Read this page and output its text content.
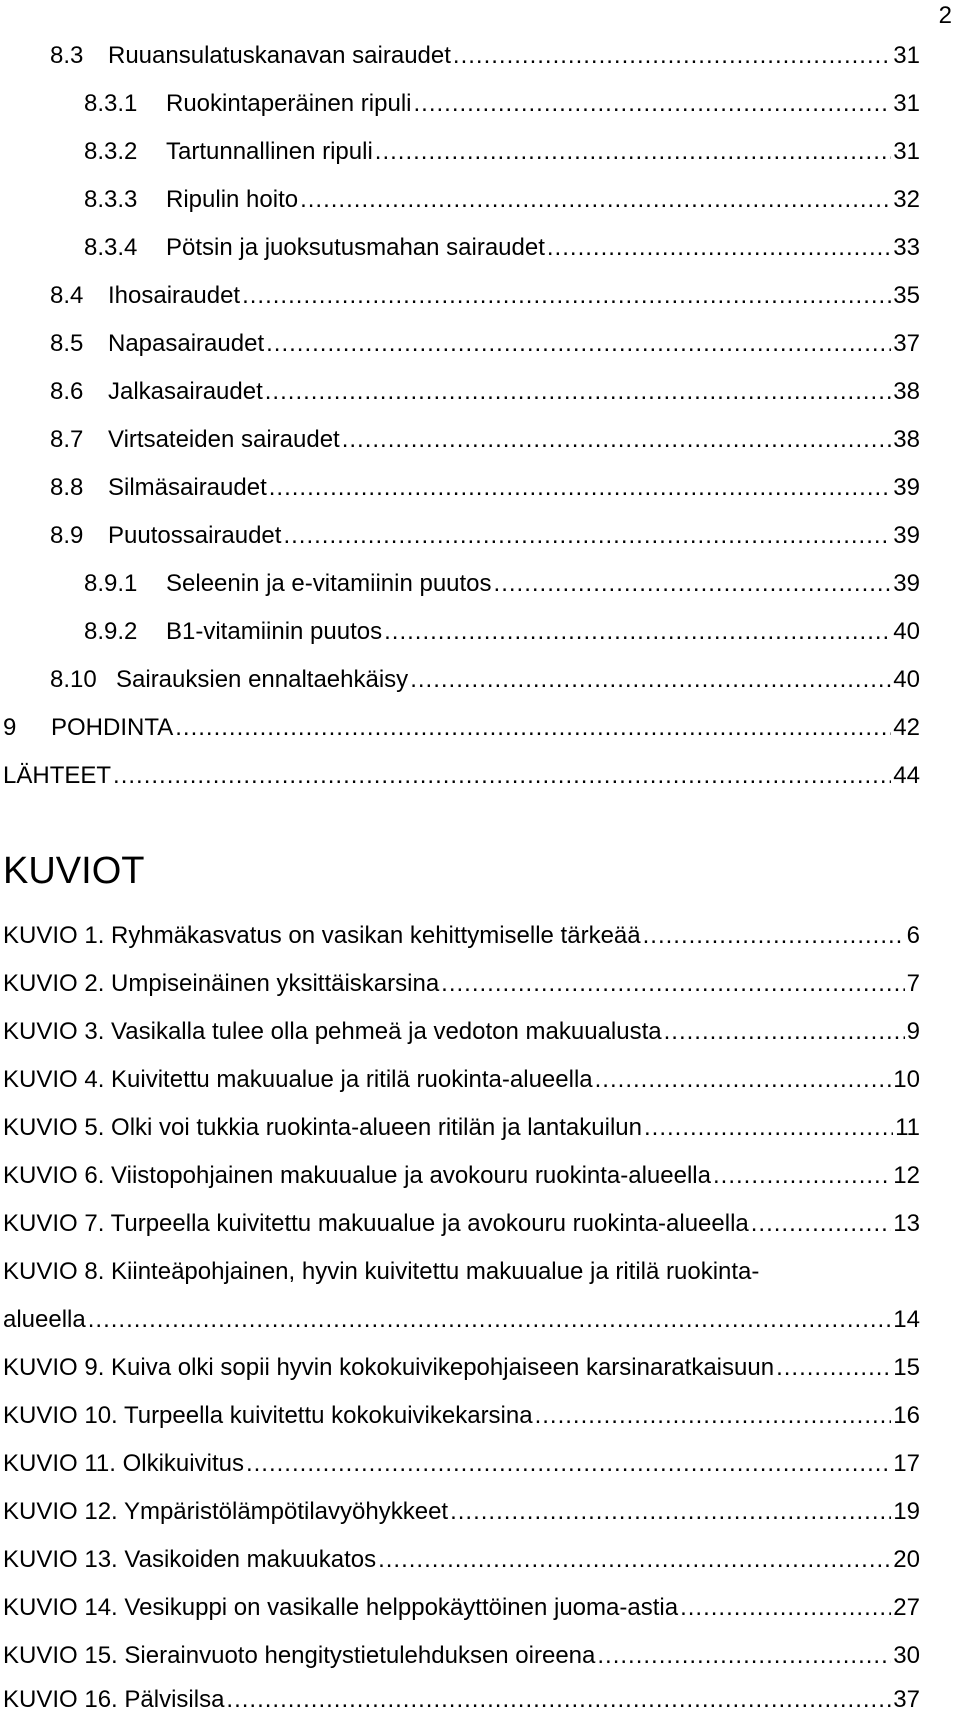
2
8.3	Ruuansulatuskanavan sairaudet .....	31
8.3.1	Ruokintaperäinen ripuli .....	31
8.3.2	Tartunnallinen ripuli .....	31
8.3.3	Ripulin hoito .....	32
8.3.4	Pötsin ja juoksutusmahan sairaudet .....	33
8.4	Ihosairaudet .....	35
8.5	Napasairaudet .....	37
8.6	Jalkasairaudet .....	38
8.7	Virtsateiden sairaudet .....	38
8.8	Silmäsairaudet .....	39
8.9	Puutossairaudet .....	39
8.9.1	Seleenin ja e-vitamiinin puutos .....	39
8.9.2	B1-vitamiinin puutos .....	40
8.10 Sairauksien ennaltaehkäisy .....	40
9	POHDINTA .....	42
LÄHTEET .....	44
KUVIOT
KUVIO 1. Ryhmäkasvatus on vasikan kehittymiselle tärkeää .....	6
KUVIO 2. Umpiseinäinen yksittäiskarsina .....	7
KUVIO 3. Vasikalla tulee olla pehmeä ja vedoton makuualusta .....	9
KUVIO 4. Kuivitettu makuualue ja ritilä ruokinta-alueella .....	10
KUVIO 5. Olki voi tukkia ruokinta-alueen ritilän ja lantakuilun .....	11
KUVIO 6. Viistopohjainen makuualue ja avokouru ruokinta-alueella .....	12
KUVIO 7. Turpeella kuivitettu makuualue ja avokouru ruokinta-alueella .....	13
KUVIO 8. Kiinteäpohjainen, hyvin kuivitettu makuualue ja ritilä ruokinta-
alueella .....	14
KUVIO 9. Kuiva olki sopii hyvin kokokuivikepohjaiseen karsinaratkaisuun .....	15
KUVIO 10. Turpeella kuivitettu kokokuivikekarsina .....	16
KUVIO 11. Olkikuivitus .....	17
KUVIO 12. Ympäristölämpötilavyöhykkeet .....	19
KUVIO 13. Vasikoiden makuukatos .....	20
KUVIO 14. Vesikuppi on vasikalle helppokäyttöinen juoma-astia .....	27
KUVIO 15. Sierainvuoto hengitystietulehduksen oireena .....	30
KUVIO 16. Pälvisilsa .....	37
